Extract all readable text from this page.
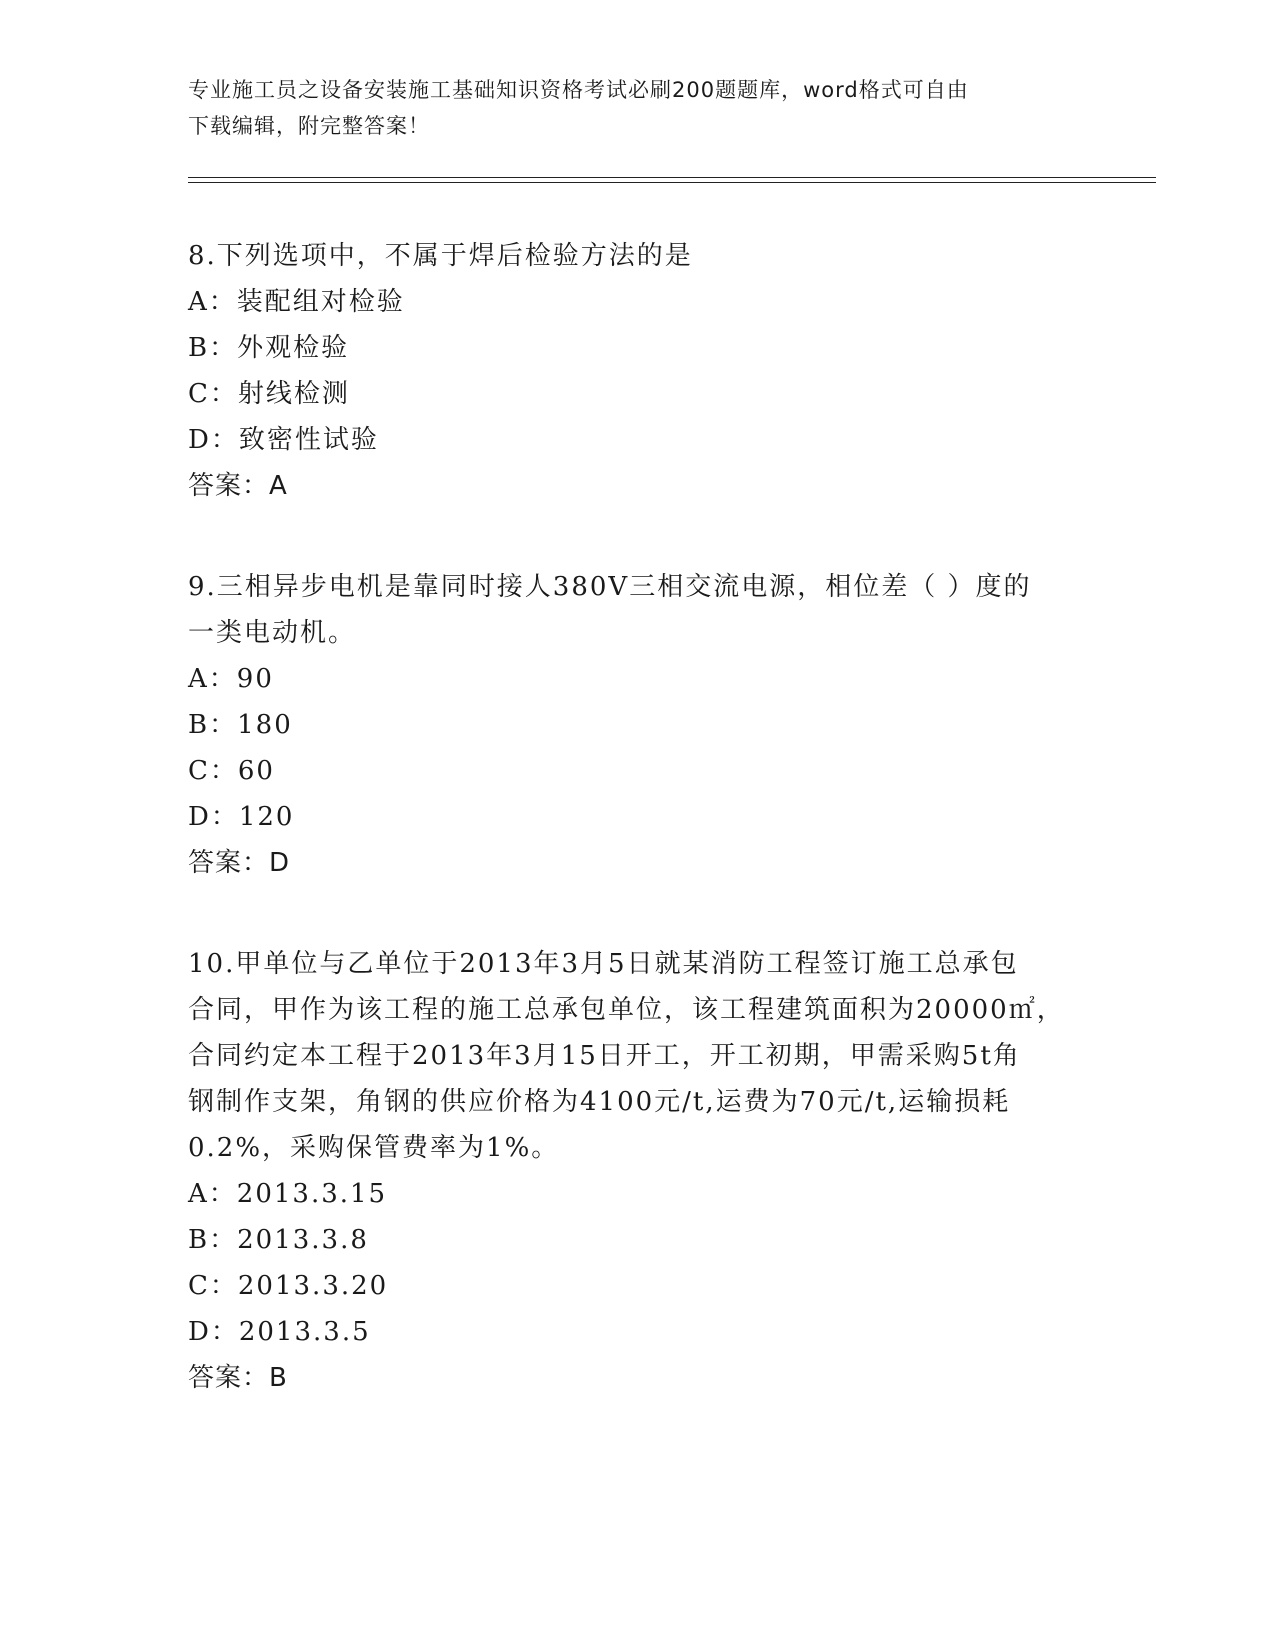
专业施工员之设备安装施工基础知识资格考试必刷200题题库，word格式可自由
下载编辑，附完整答案！
8.下列选项中，不属于焊后检验方法的是
A：装配组对检验
B：外观检验
C：射线检测
D：致密性试验
答案：A
9.三相异步电机是靠同时接人380V三相交流电源，相位差（ ）度的
一类电动机。
A：90
B：180
C：60
D：120
答案：D
10.甲单位与乙单位于2013年3月5日就某消防工程签订施工总承包
合同，甲作为该工程的施工总承包单位，该工程建筑面积为20000㎡，
合同约定本工程于2013年3月15日开工，开工初期，甲需采购5t角
钢制作支架，角钢的供应价格为4100元/t,运费为70元/t,运输损耗
0.2%，采购保管费率为1%。
A：2013.3.15
B：2013.3.8
C：2013.3.20
D：2013.3.5
答案：B
